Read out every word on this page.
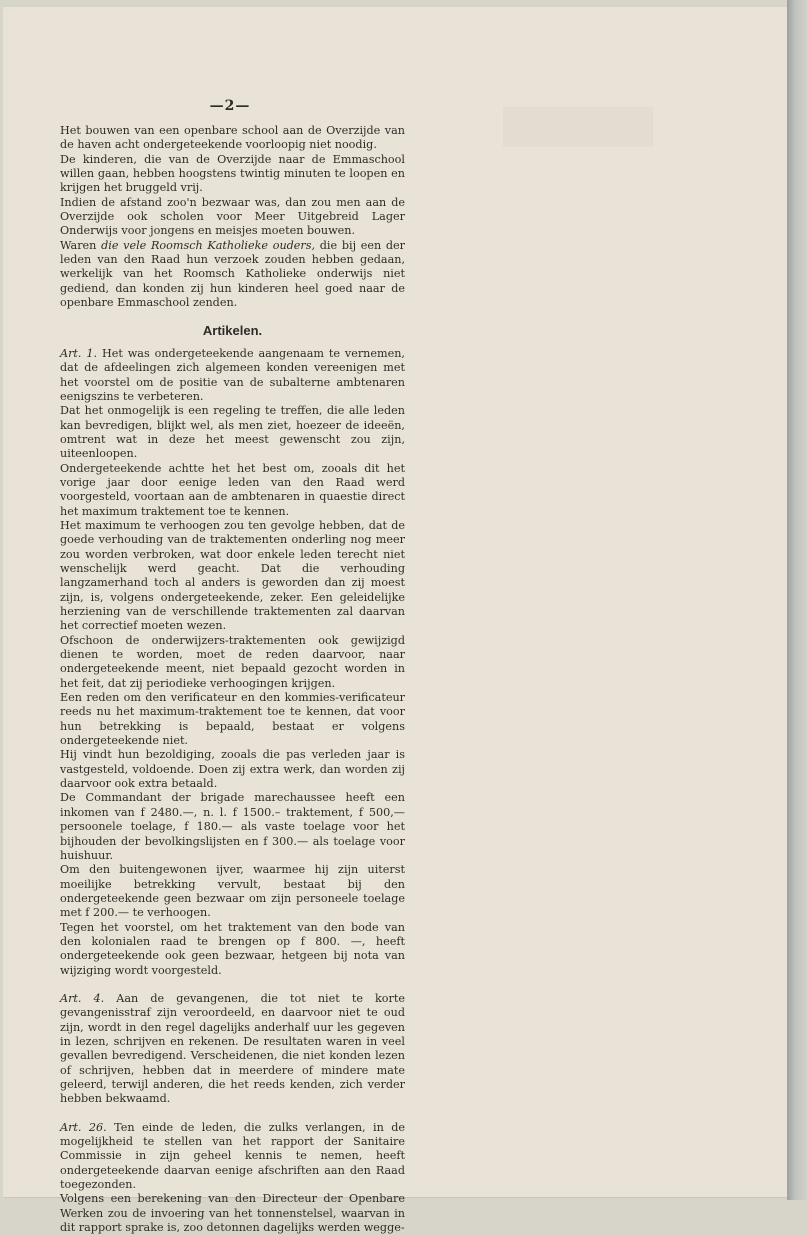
—2—

Het bouwen van een openbare school aan de Overzijde van de haven acht ondergeteekende voorloopig niet noodig.

De kinderen, die van de Overzijde naar de Emmaschool willen gaan, hebben hoogstens twintig minuten te loopen en krijgen het bruggeld vrij.

Indien de afstand zoo'n bezwaar was, dan zou men aan de Overzijde ook scholen voor Meer Uitgebreid Lager Onderwijs voor jongens en meisjes moeten bouwen.

Waren die vele Roomsch Katholieke ouders, die bij een der leden van den Raad hun verzoek zouden hebben gedaan, werkelijk van het Roomsch Katholieke onderwijs niet gediend, dan konden zij hun kinderen heel goed naar de openbare Emmaschool zenden.

Artikelen.

Art. 1. Het was ondergeteekende aangenaam te vernemen, dat de afdeelingen zich algemeen konden vereenigen met het voorstel om de positie van de subalterne ambtenaren eenigszins te verbeteren.

Dat het onmogelijk is een regeling te treffen, die alle leden kan bevredigen, blijkt wel, als men ziet, hoezeer de ideeën, omtrent wat in deze het meest gewenscht zou zijn, uiteenloopen.

Ondergeteekende achtte het het best om, zooals dit het vorige jaar door eenige leden van den Raad werd voorgesteld, voortaan aan de ambtenaren in quaestie direct het maximum traktement toe te kennen.

Het maximum te verhoogen zou ten gevolge hebben, dat de goede verhouding van de traktementen onderling nog meer zou worden verbroken, wat door enkele leden terecht niet wenschelijk werd geacht. Dat die verhouding langzamerhand toch al anders is geworden dan zij moest zijn, is, volgens ondergeteekende, zeker. Een geleidelijke herziening van de verschillende traktementen zal daarvan het correctief moeten wezen.

Ofschoon de onderwijzers-traktementen ook gewijzigd dienen te worden, moet de reden daarvoor, naar ondergeteekende meent, niet bepaald gezocht worden in het feit, dat zij periodieke verhoogingen krijgen.

Een reden om den verificateur en den kommies-verificateur reeds nu het maximum-traktement toe te kennen, dat voor hun betrekking is bepaald, bestaat er volgens ondergeteekende niet.

Hij vindt hun bezoldiging, zooals die pas verleden jaar is vastgesteld, voldoende. Doen zij extra werk, dan worden zij daarvoor ook extra betaald.

De Commandant der brigade marechaussee heeft een inkomen van f 2480.—, n. l. f 1500.– traktement, f 500,— persoonele toelage, f 180.— als vaste toelage voor het bijhouden der bevolkingslijsten en f 300.— als toelage voor huishuur.

Om den buitengewonen ijver, waarmee hij zijn uiterst moeilijke betrekking vervult, bestaat bij den ondergeteekende geen bezwaar om zijn personeele toelage met f 200.— te verhoogen.

Tegen het voorstel, om het traktement van den bode van den kolonialen raad te brengen op f 800. —, heeft ondergeteekende ook geen bezwaar, hetgeen bij nota van wijziging wordt voorgesteld.

Art. 4. Aan de gevangenen, die tot niet te korte gevangenisstraf zijn veroordeeld, en daarvoor niet te oud zijn, wordt in den regel dagelijks anderhalf uur les gegeven in lezen, schrijven en rekenen. De resultaten waren in veel gevallen bevredigend. Verscheidenen, die niet konden lezen of schrijven, hebben dat in meerdere of mindere mate geleerd, terwijl anderen, die het reeds kenden, zich verder hebben bekwaamd.

Art. 26. Ten einde de leden, die zulks verlangen, in de mogelijkheid te stellen van het rapport der Sanitaire Commissie in zijn geheel kennis te nemen, heeft ondergeteekende daarvan eenige afschriften aan den Raad toegezonden.

Volgens een berekening van den Directeur der Openbare Werken zou de invoering van het tonnenstelsel, waarvan in dit rapport sprake is, zoo detonnen dagelijks werden wegge-
